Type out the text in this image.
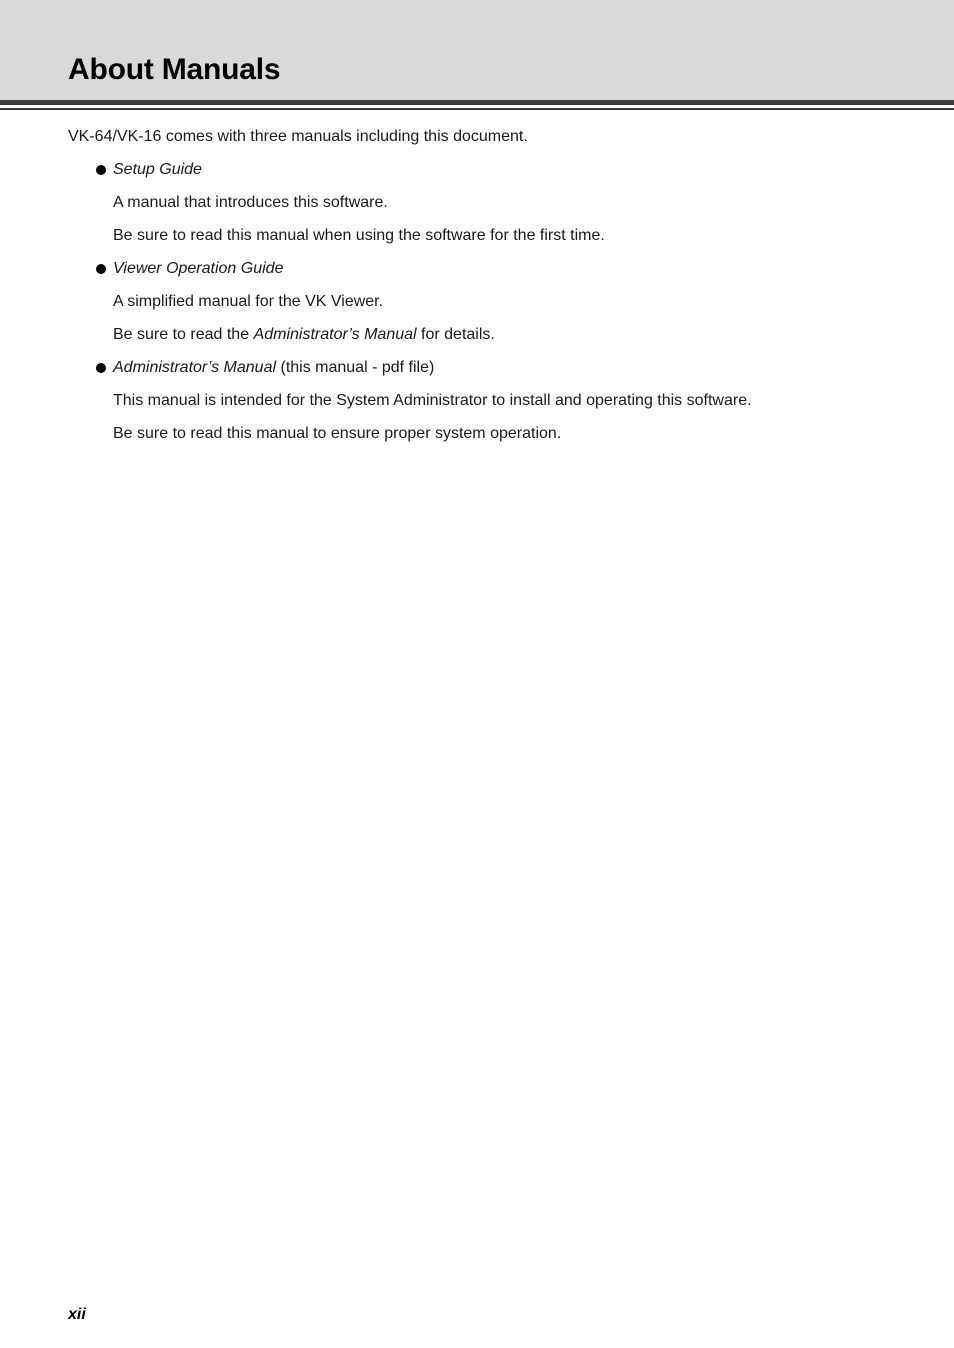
About Manuals

VK-64/VK-16 comes with three manuals including this document.

Setup Guide

A manual that introduces this software.

Be sure to read this manual when using the software for the first time.

Viewer Operation Guide

A simplified manual for the VK Viewer.

Be sure to read the Administrator’s Manual for details.

Administrator’s Manual (this manual - pdf file)

This manual is intended for the System Administrator to install and operating this software.

Be sure to read this manual to ensure proper system operation.

xii
